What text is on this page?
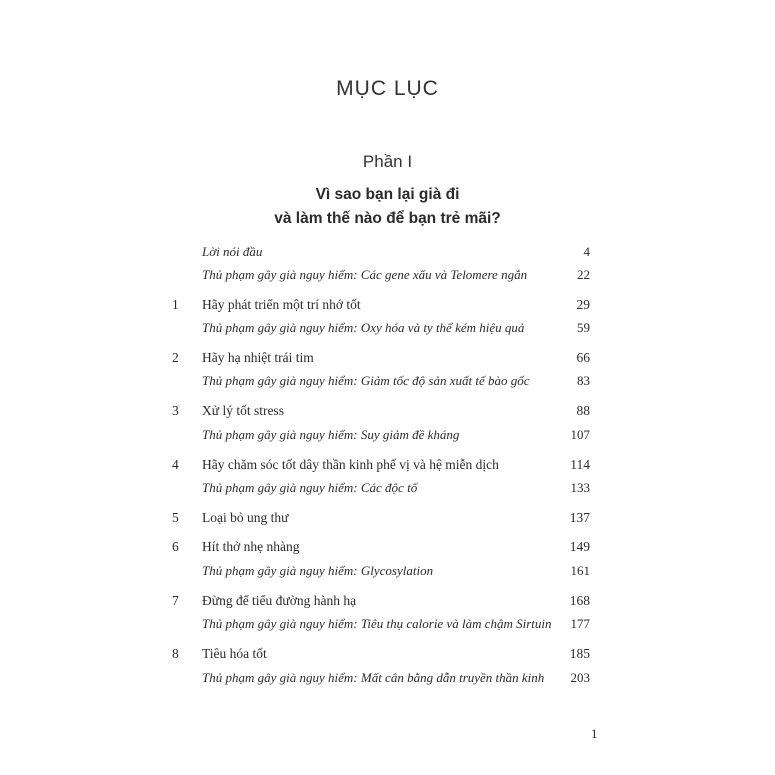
MỤC LỤC
Phần I
Vì sao bạn lại già đi
và làm thế nào để bạn trẻ mãi?
Lời nói đầu	4
Thủ phạm gây già nguy hiểm: Các gene xấu và Telomere ngắn	22
1 Hãy phát triển một trí nhớ tốt	29
Thủ phạm gây già nguy hiểm: Oxy hóa và ty thể kém hiệu quả	59
2 Hãy hạ nhiệt trái tim	66
Thủ phạm gây già nguy hiểm: Giảm tốc độ sản xuất tế bào gốc	83
3 Xử lý tốt stress	88
Thủ phạm gây già nguy hiểm: Suy giảm đề kháng	107
4 Hãy chăm sóc tốt dây thần kinh phế vị và hệ miễn dịch	114
Thủ phạm gây già nguy hiểm: Các độc tố	133
5 Loại bỏ ung thư	137
6 Hít thở nhẹ nhàng	149
Thủ phạm gây già nguy hiểm: Glycosylation	161
7 Đừng để tiểu đường hành hạ	168
Thủ phạm gây già nguy hiểm: Tiêu thụ calorie và làm chậm Sirtuin 177
8 Tiêu hóa tốt	185
Thủ phạm gây già nguy hiểm: Mất cân bằng dẫn truyền thần kinh 203
1
